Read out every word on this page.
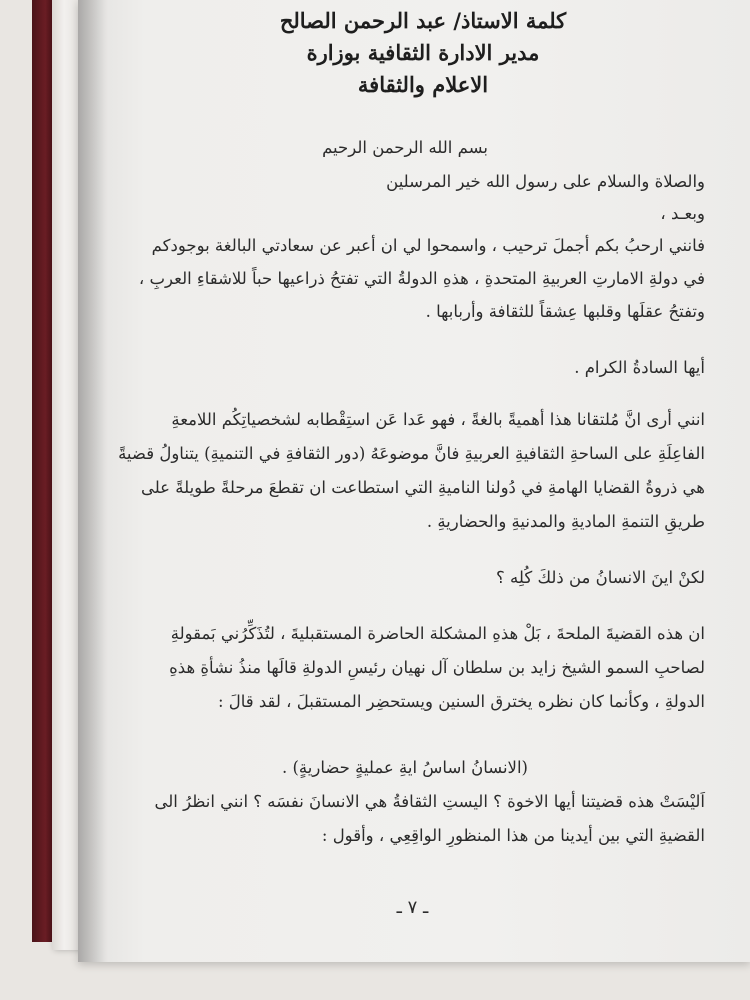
كلمة الاستاذ/ عبد الرحمن الصالح
مدير الادارة الثقافية بوزارة
الاعلام والثقافة
بسم الله الرحمن الرحيم
والصلاة والسلام على رسول الله خير المرسلين
وبعـد ،
فانني ارحبُ بكم أجملَ ترحيب ، واسمحوا لي ان أعبر عن سعادتي البالغة بوجودكم
في دولةِ الامارتِ العربيةِ المتحدةِ ، هذهِ الدولةُ التي تفتحُ ذراعيها حباً للاشقاءِ العربِ ،
وتفتحُ عقلَها وقلبها عِشقاً للثقافة وأربابها .
أيها السادةُ الكرام .
انني أرى انَّ مُلتقانا هذا أهميةً بالغةً ، فهو عَدا عَن استِقْطابه لشخصياتِكُم اللامعةِ
الفاعِلَةِ على الساحةِ الثقافيةِ العربيةِ فانَّ موضوعَهُ (دور الثقافةِ في التنميةِ) يتناولُ قضيةً
هي ذروةُ القضايا الهامةِ في دُولنا الناميةِ التي استطاعت ان تقطعَ مرحلةً طويلةً على
طريقِ التنمةِ الماديةِ والمدنيةِ والحضاريةِ .
لكنْ اينَ الانسانُ من ذلكَ كُلِه ؟
ان هذه القضيةَ الملحةَ ، بَلْ هذهِ المشكلة الحاضرة المستقبليةَ ، لتُذَكِّرُني بَمقولةِ
لصاحبِ السمو الشيخ زايد بن سلطان آل نهيان رئيسِ الدولةِ قالَها منذُ نشأةِ هذهِ
الدولةِ ، وكأنما كان نظره يخترق السنين ويستحضِر المستقبلَ ، لقد قالَ :
(الانسانُ اساسُ ايةِ عمليةٍ حضاريةٍ) .
اَليْسَتْ هذه قضيتنا أيها الاخوة ؟ اليستِ الثقافةُ هي الانسانَ نفسَه ؟ انني انظرُ الى
القضيةِ التي بين أيدينا من هذا المنظورِ الواقِعِي ، وأقول :
ـ ٧ ـ
